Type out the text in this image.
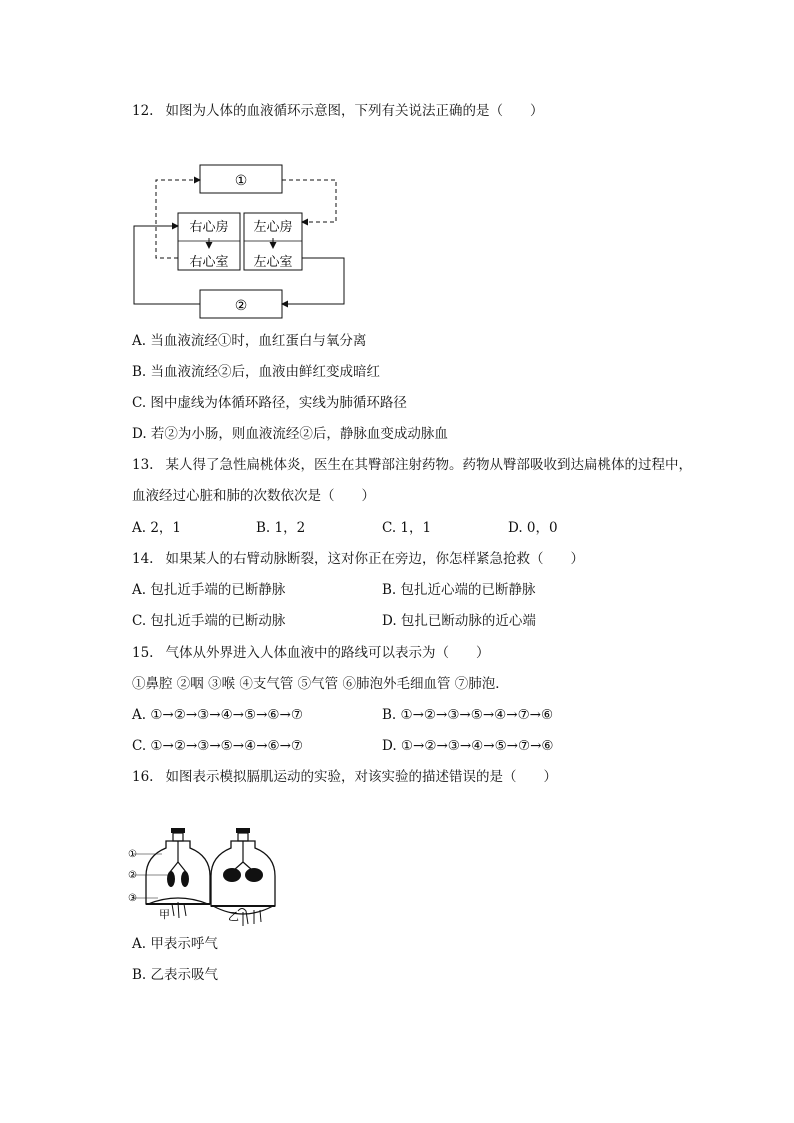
12. 如图为人体的血液循环示意图，下列有关说法正确的是（　　）
①
右心房
右心室
左心房
左心室
②
A. 当血液流经①时，血红蛋白与氧分离
B. 当血液流经②后，血液由鲜红变成暗红
C. 图中虚线为体循环路径，实线为肺循环路径
D. 若②为小肠，则血液流经②后，静脉血变成动脉血
13. 某人得了急性扁桃体炎，医生在其臀部注射药物。药物从臀部吸收到达扁桃体的过程中，
血液经过心脏和肺的次数依次是（　　）
A. 2，1	B. 1，2	C. 1，1	D. 0，0
14. 如果某人的右臂动脉断裂，这对你正在旁边，你怎样紧急抢救（　　）
A. 包扎近手端的已断静脉	B. 包扎近心端的已断静脉
C. 包扎近手端的已断动脉	D. 包扎已断动脉的近心端
15. 气体从外界进入人体血液中的路线可以表示为（　　）
①鼻腔 ②咽 ③喉 ④支气管 ⑤气管 ⑥肺泡外毛细血管 ⑦肺泡．
A. ①→②→③→④→⑤→⑥→⑦	B. ①→②→③→⑤→④→⑦→⑥
C. ①→②→③→⑤→④→⑥→⑦	D. ①→②→③→④→⑤→⑦→⑥
16. 如图表示模拟膈肌运动的实验，对该实验的描述错误的是（　　）
①
②
③
甲	乙
A. 甲表示呼气
B. 乙表示吸气
